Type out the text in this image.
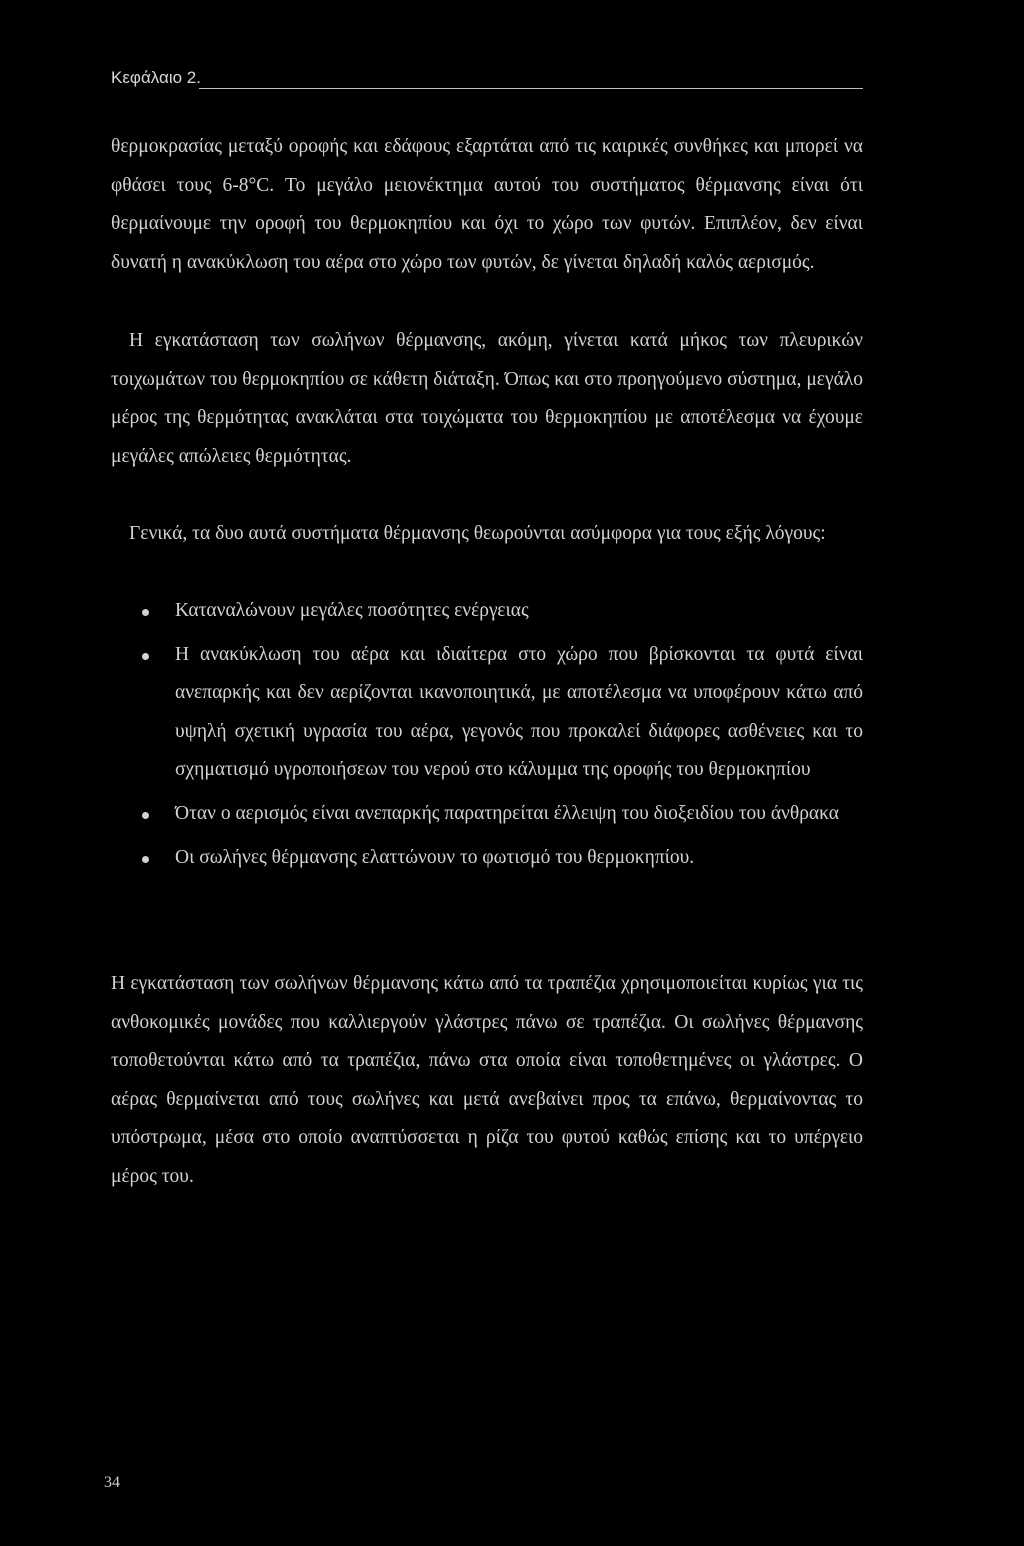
Κεφάλαιο 2.

θερμοκρασίας μεταξύ οροφής και εδάφους εξαρτάται από τις καιρικές συνθήκες και μπορεί να φθάσει τους 6-8°C. Το μεγάλο μειονέκτημα αυτού του συστήματος θέρμανσης είναι ότι θερμαίνουμε την οροφή του θερμοκηπίου και όχι το χώρο των φυτών. Επιπλέον, δεν είναι δυνατή η ανακύκλωση του αέρα στο χώρο των φυτών, δε γίνεται δηλαδή καλός αερισμός.

Η εγκατάσταση των σωλήνων θέρμανσης, ακόμη, γίνεται κατά μήκος των πλευρικών τοιχωμάτων του θερμοκηπίου σε κάθετη διάταξη. Όπως και στο προηγούμενο σύστημα, μεγάλο μέρος της θερμότητας ανακλάται στα τοιχώματα του θερμοκηπίου με αποτέλεσμα να έχουμε μεγάλες απώλειες θερμότητας.

Γενικά, τα δυο αυτά συστήματα θέρμανσης θεωρούνται ασύμφορα για τους εξής λόγους:

Καταναλώνουν μεγάλες ποσότητες ενέργειας
Η ανακύκλωση του αέρα και ιδιαίτερα στο χώρο που βρίσκονται τα φυτά είναι ανεπαρκής και δεν αερίζονται ικανοποιητικά, με αποτέλεσμα να υποφέρουν κάτω από υψηλή σχετική υγρασία του αέρα, γεγονός που προκαλεί διάφορες ασθένειες και το σχηματισμό υγροποιήσεων του νερού στο κάλυμμα της οροφής του θερμοκηπίου
Όταν ο αερισμός είναι ανεπαρκής παρατηρείται έλλειψη του διοξειδίου του άνθρακα
Οι σωλήνες θέρμανσης ελαττώνουν το φωτισμό του θερμοκηπίου.

Η εγκατάσταση των σωλήνων θέρμανσης κάτω από τα τραπέζια χρησιμοποιείται κυρίως για τις ανθοκομικές μονάδες που καλλιεργούν γλάστρες πάνω σε τραπέζια. Οι σωλήνες θέρμανσης τοποθετούνται κάτω από τα τραπέζια, πάνω στα οποία είναι τοποθετημένες οι γλάστρες. Ο αέρας θερμαίνεται από τους σωλήνες και μετά ανεβαίνει προς τα επάνω, θερμαίνοντας το υπόστρωμα, μέσα στο οποίο αναπτύσσεται η ρίζα του φυτού καθώς επίσης και το υπέργειο μέρος του.

34
